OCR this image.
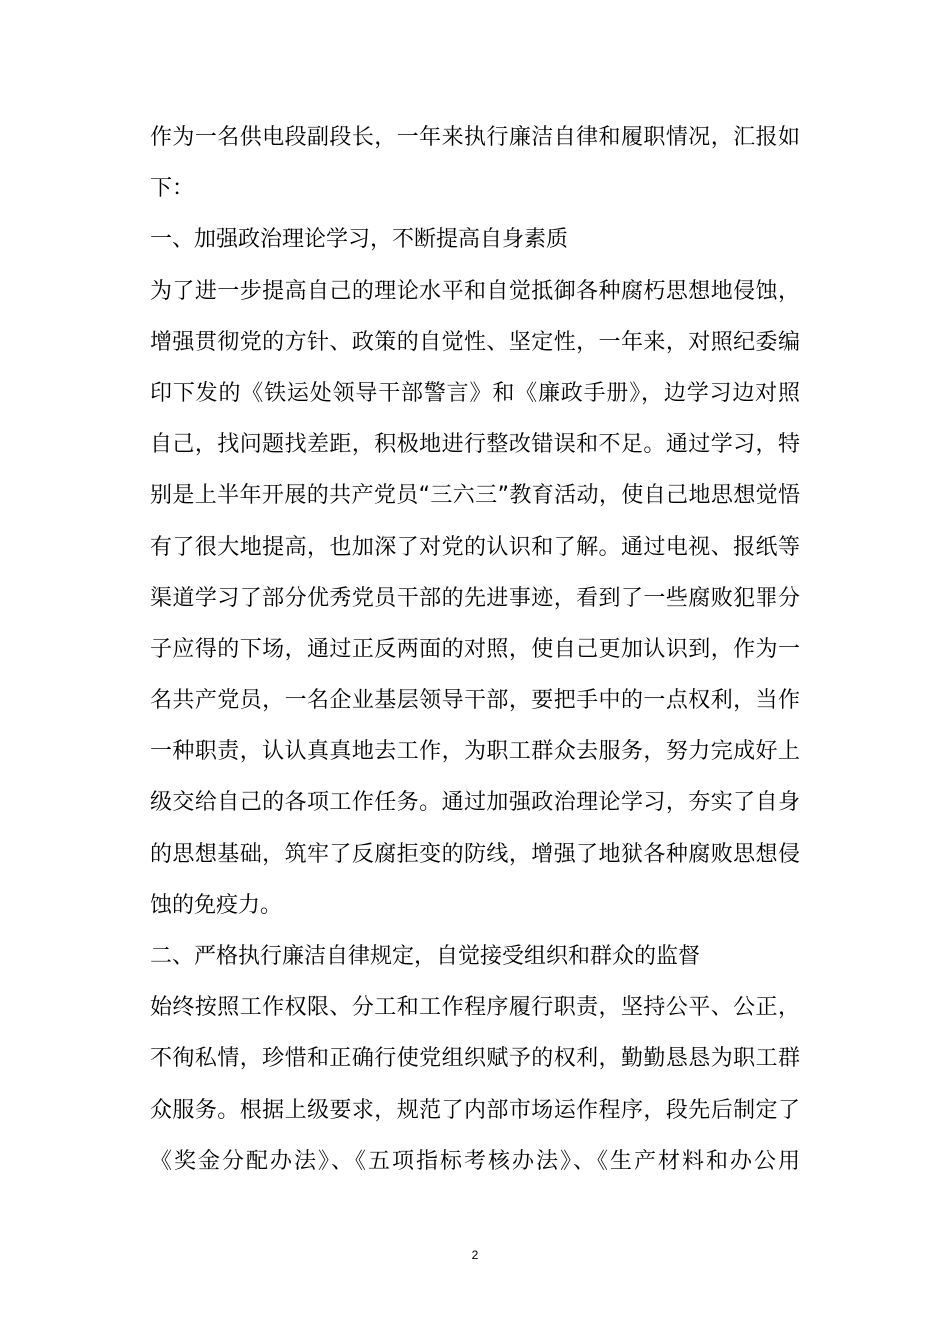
作为一名供电段副段长，一年来执行廉洁自律和履职情况，汇报如
下：
一、加强政治理论学习，不断提高自身素质
为了进一步提高自己的理论水平和自觉抵御各种腐朽思想地侵蚀，
增强贯彻党的方针、政策的自觉性、坚定性，一年来，对照纪委编
印下发的《铁运处领导干部警言》和《廉政手册》，边学习边对照
自己，找问题找差距，积极地进行整改错误和不足。通过学习，特
别是上半年开展的共产党员“三六三”教育活动，使自己地思想觉悟
有了很大地提高，也加深了对党的认识和了解。通过电视、报纸等
渠道学习了部分优秀党员干部的先进事迹，看到了一些腐败犯罪分
子应得的下场，通过正反两面的对照，使自己更加认识到，作为一
名共产党员，一名企业基层领导干部，要把手中的一点权利，当作
一种职责，认认真真地去工作，为职工群众去服务，努力完成好上
级交给自己的各项工作任务。通过加强政治理论学习，夯实了自身
的思想基础，筑牢了反腐拒变的防线，增强了地狱各种腐败思想侵
蚀的免疫力。
二、严格执行廉洁自律规定，自觉接受组织和群众的监督
始终按照工作权限、分工和工作程序履行职责，坚持公平、公正，
不徇私情，珍惜和正确行使党组织赋予的权利，勤勤恳恳为职工群
众服务。根据上级要求，规范了内部市场运作程序，段先后制定了
《奖金分配办法》、《五项指标考核办法》、《生产材料和办公用
2
